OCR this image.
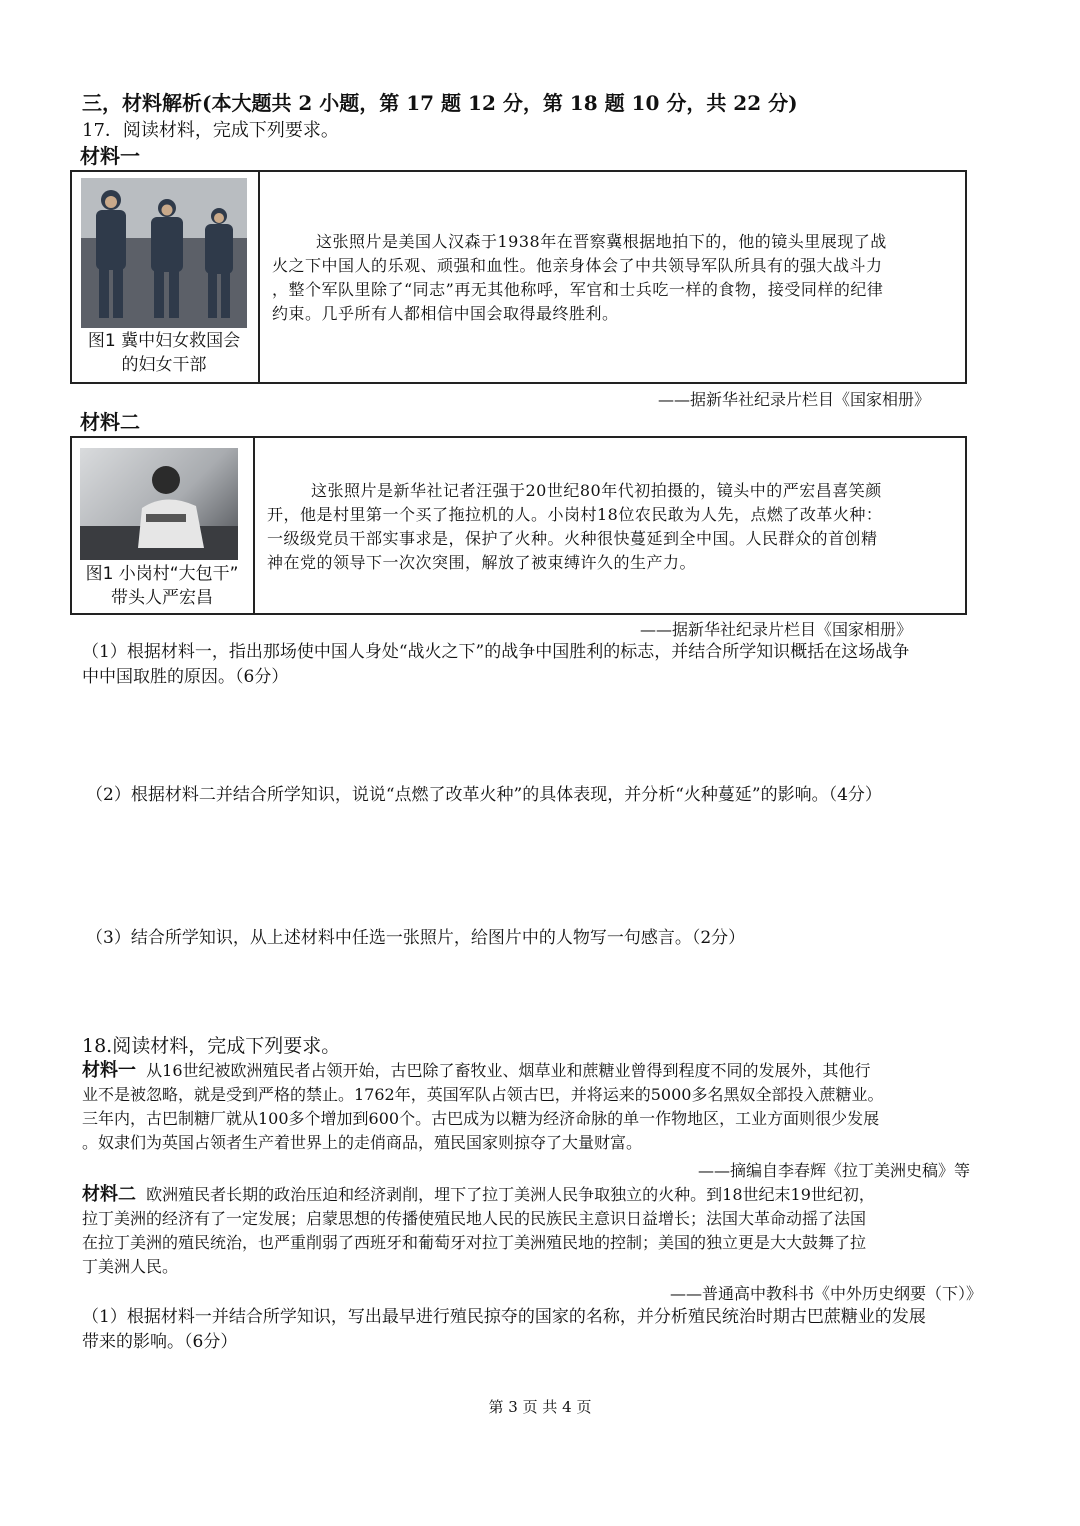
三，材料解析(本大题共 2 小题，第 17 题 12 分，第 18 题 10 分，共 22 分)
17．阅读材料，完成下列要求。
材料一
图1 冀中妇女救国会
的妇女干部
这张照片是美国人汉森于1938年在晋察冀根据地拍下的，他的镜头里展现了战
火之下中国人的乐观、顽强和血性。他亲身体会了中共领导军队所具有的强大战斗力
，整个军队里除了“同志”再无其他称呼，军官和士兵吃一样的食物，接受同样的纪律
约束。几乎所有人都相信中国会取得最终胜利。
——据新华社纪录片栏目《国家相册》
材料二
图1 小岗村“大包干”
带头人严宏昌
这张照片是新华社记者汪强于20世纪80年代初拍摄的，镜头中的严宏昌喜笑颜
开，他是村里第一个买了拖拉机的人。小岗村18位农民敢为人先，点燃了改革火种：
一级级党员干部实事求是，保护了火种。火种很快蔓延到全中国。人民群众的首创精
神在党的领导下一次次突围，解放了被束缚许久的生产力。
——据新华社纪录片栏目《国家相册》
（1）根据材料一，指出那场使中国人身处“战火之下”的战争中国胜利的标志，并结合所学知识概括在这场战争
中中国取胜的原因。（6分）
（2）根据材料二并结合所学知识，说说“点燃了改革火种”的具体表现，并分析“火种蔓延”的影响。（4分）
（3）结合所学知识，从上述材料中任选一张照片，给图片中的人物写一句感言。（2分）
18.阅读材料，完成下列要求。
材料一 从16世纪被欧洲殖民者占领开始，古巴除了畜牧业、烟草业和蔗糖业曾得到程度不同的发展外，其他行
业不是被忽略，就是受到严格的禁止。1762年，英国军队占领古巴，并将运来的5000多名黑奴全部投入蔗糖业。
三年内，古巴制糖厂就从100多个增加到600个。古巴成为以糖为经济命脉的单一作物地区，工业方面则很少发展
。奴隶们为英国占领者生产着世界上的走俏商品，殖民国家则掠夺了大量财富。
——摘编自李春辉《拉丁美洲史稿》等
材料二 欧洲殖民者长期的政治压迫和经济剥削，埋下了拉丁美洲人民争取独立的火种。到18世纪末19世纪初，
拉丁美洲的经济有了一定发展；启蒙思想的传播使殖民地人民的民族民主意识日益增长；法国大革命动摇了法国
在拉丁美洲的殖民统治，也严重削弱了西班牙和葡萄牙对拉丁美洲殖民地的控制；美国的独立更是大大鼓舞了拉
丁美洲人民。
——普通高中教科书《中外历史纲要（下）》
（1）根据材料一并结合所学知识，写出最早进行殖民掠夺的国家的名称，并分析殖民统治时期古巴蔗糖业的发展
带来的影响。（6分）
第 3 页 共 4 页
